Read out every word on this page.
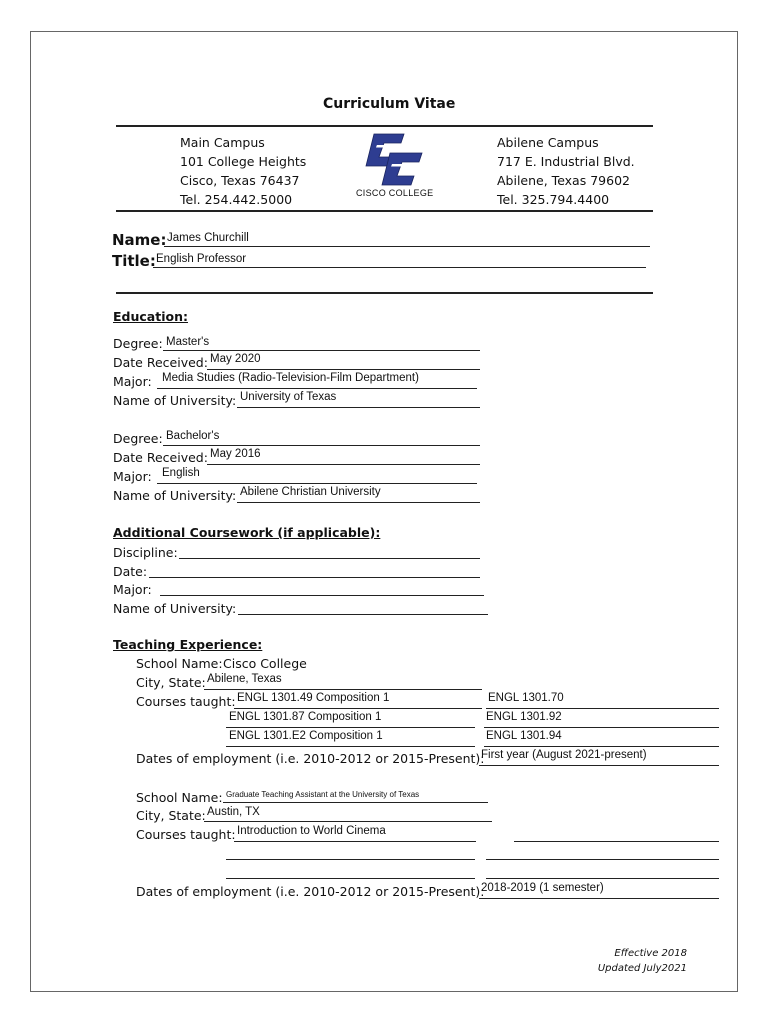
Curriculum Vitae
Main Campus
101 College Heights
Cisco, Texas 76437
Tel. 254.442.5000	CISCO COLLEGE
Abilene Campus
717 E. Industrial Blvd.
Abilene, Texas 79602
Tel. 325.794.4400
Name: James Churchill
Title: English Professor
Education:
Degree: Master's
Date Received: May 2020
Major: Media Studies (Radio-Television-Film Department)
Name of University: University of Texas
Degree: Bachelor's
Date Received: May 2016
Major: English
Name of University: Abilene Christian University
Additional Coursework (if applicable):
Discipline:
Date:
Major:
Name of University:
Teaching Experience:
School Name: Cisco College
City, State: Abilene, Texas
Courses taught: ENGL 1301.49 Composition 1	ENGL 1301.70
ENGL 1301.87 Composition 1	ENGL 1301.92
ENGL 1301.E2 Composition 1	ENGL 1301.94
Dates of employment (i.e. 2010-2012 or 2015-Present):
First year (August 2021-present)
School Name: Graduate Teaching Assistant at the University of Texas
City, State: Austin, TX
Courses taught: Introduction to World Cinema
Dates of employment (i.e. 2010-2012 or 2015-Present):
2018-2019 (1 semester)
Effective 2018
Updated July2021
